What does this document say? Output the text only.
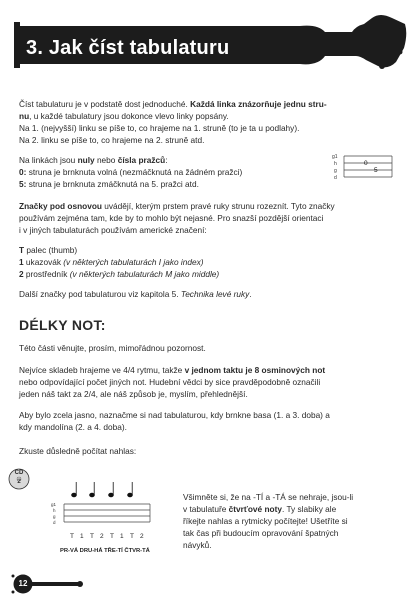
3. Jak číst tabulaturu
Číst tabulaturu je v podstatě dost jednoduché. Každá linka znázorňuje jednu stru-
nu, u každé tabulatury jsou dokonce vlevo linky popsány.
Na 1. (nejvyšší) linku se píše to, co hrajeme na 1. struně (to je ta u podlahy).
Na 2. linku se píše to, co hrajeme na 2. struně atd.
Na linkách jsou nuly nebo čísla pražců:
0: struna je brnknuta volná (nezmáčknutá na žádném pražci)
5: struna je brnknuta zmáčknutá na 5. pražci atd.
Značky pod osnovou uvádějí, kterým prstem pravé ruky strunu rozeznít. Tyto značky
používám zejména tam, kde by to mohlo být nejasné. Pro snazší pozdější orientaci
i v jiných tabulaturách používám americké značení:
T palec (thumb)
1 ukazovák (v některých tabulaturách I jako index)
2 prostředník (v některých tabulaturách M jako middle)
Další značky pod tabulaturou viz kapitola 5. Technika levé ruky.
DÉLKY NOT:
Této části věnujte, prosím, mimořádnou pozornost.
Nejvíce skladeb hrajeme ve 4/4 rytmu, takže v jednom taktu je 8 osminových not
nebo odpovídající počet jiných not. Hudební vědci by sice pravděpodobně označili
jeden náš takt za 2/4, ale náš způsob je, myslím, přehlednější.
Aby bylo zcela jasno, naznačme si nad tabulaturou, kdy brnkne basa (1. a 3. doba) a
kdy mandolína (2. a 4. doba).
Zkuste důsledně počítat nahlas:
Všimněte si, že na -TÍ a -TÁ se nehraje, jsou-li
v tabulatuře čtvrťové noty. Ty slabiky ale
říkejte nahlas a rytmicky počítejte! Ušetříte si
tak čas při budoucím opravování špatných
návyků.
g1
h
g
d
0
5
CD
2
g1
h
g
d
T 1 T 2 T 1 T 2
PR-VÁ DRU-HÁ TŘE-TÍ ČTVR-TÁ
12
